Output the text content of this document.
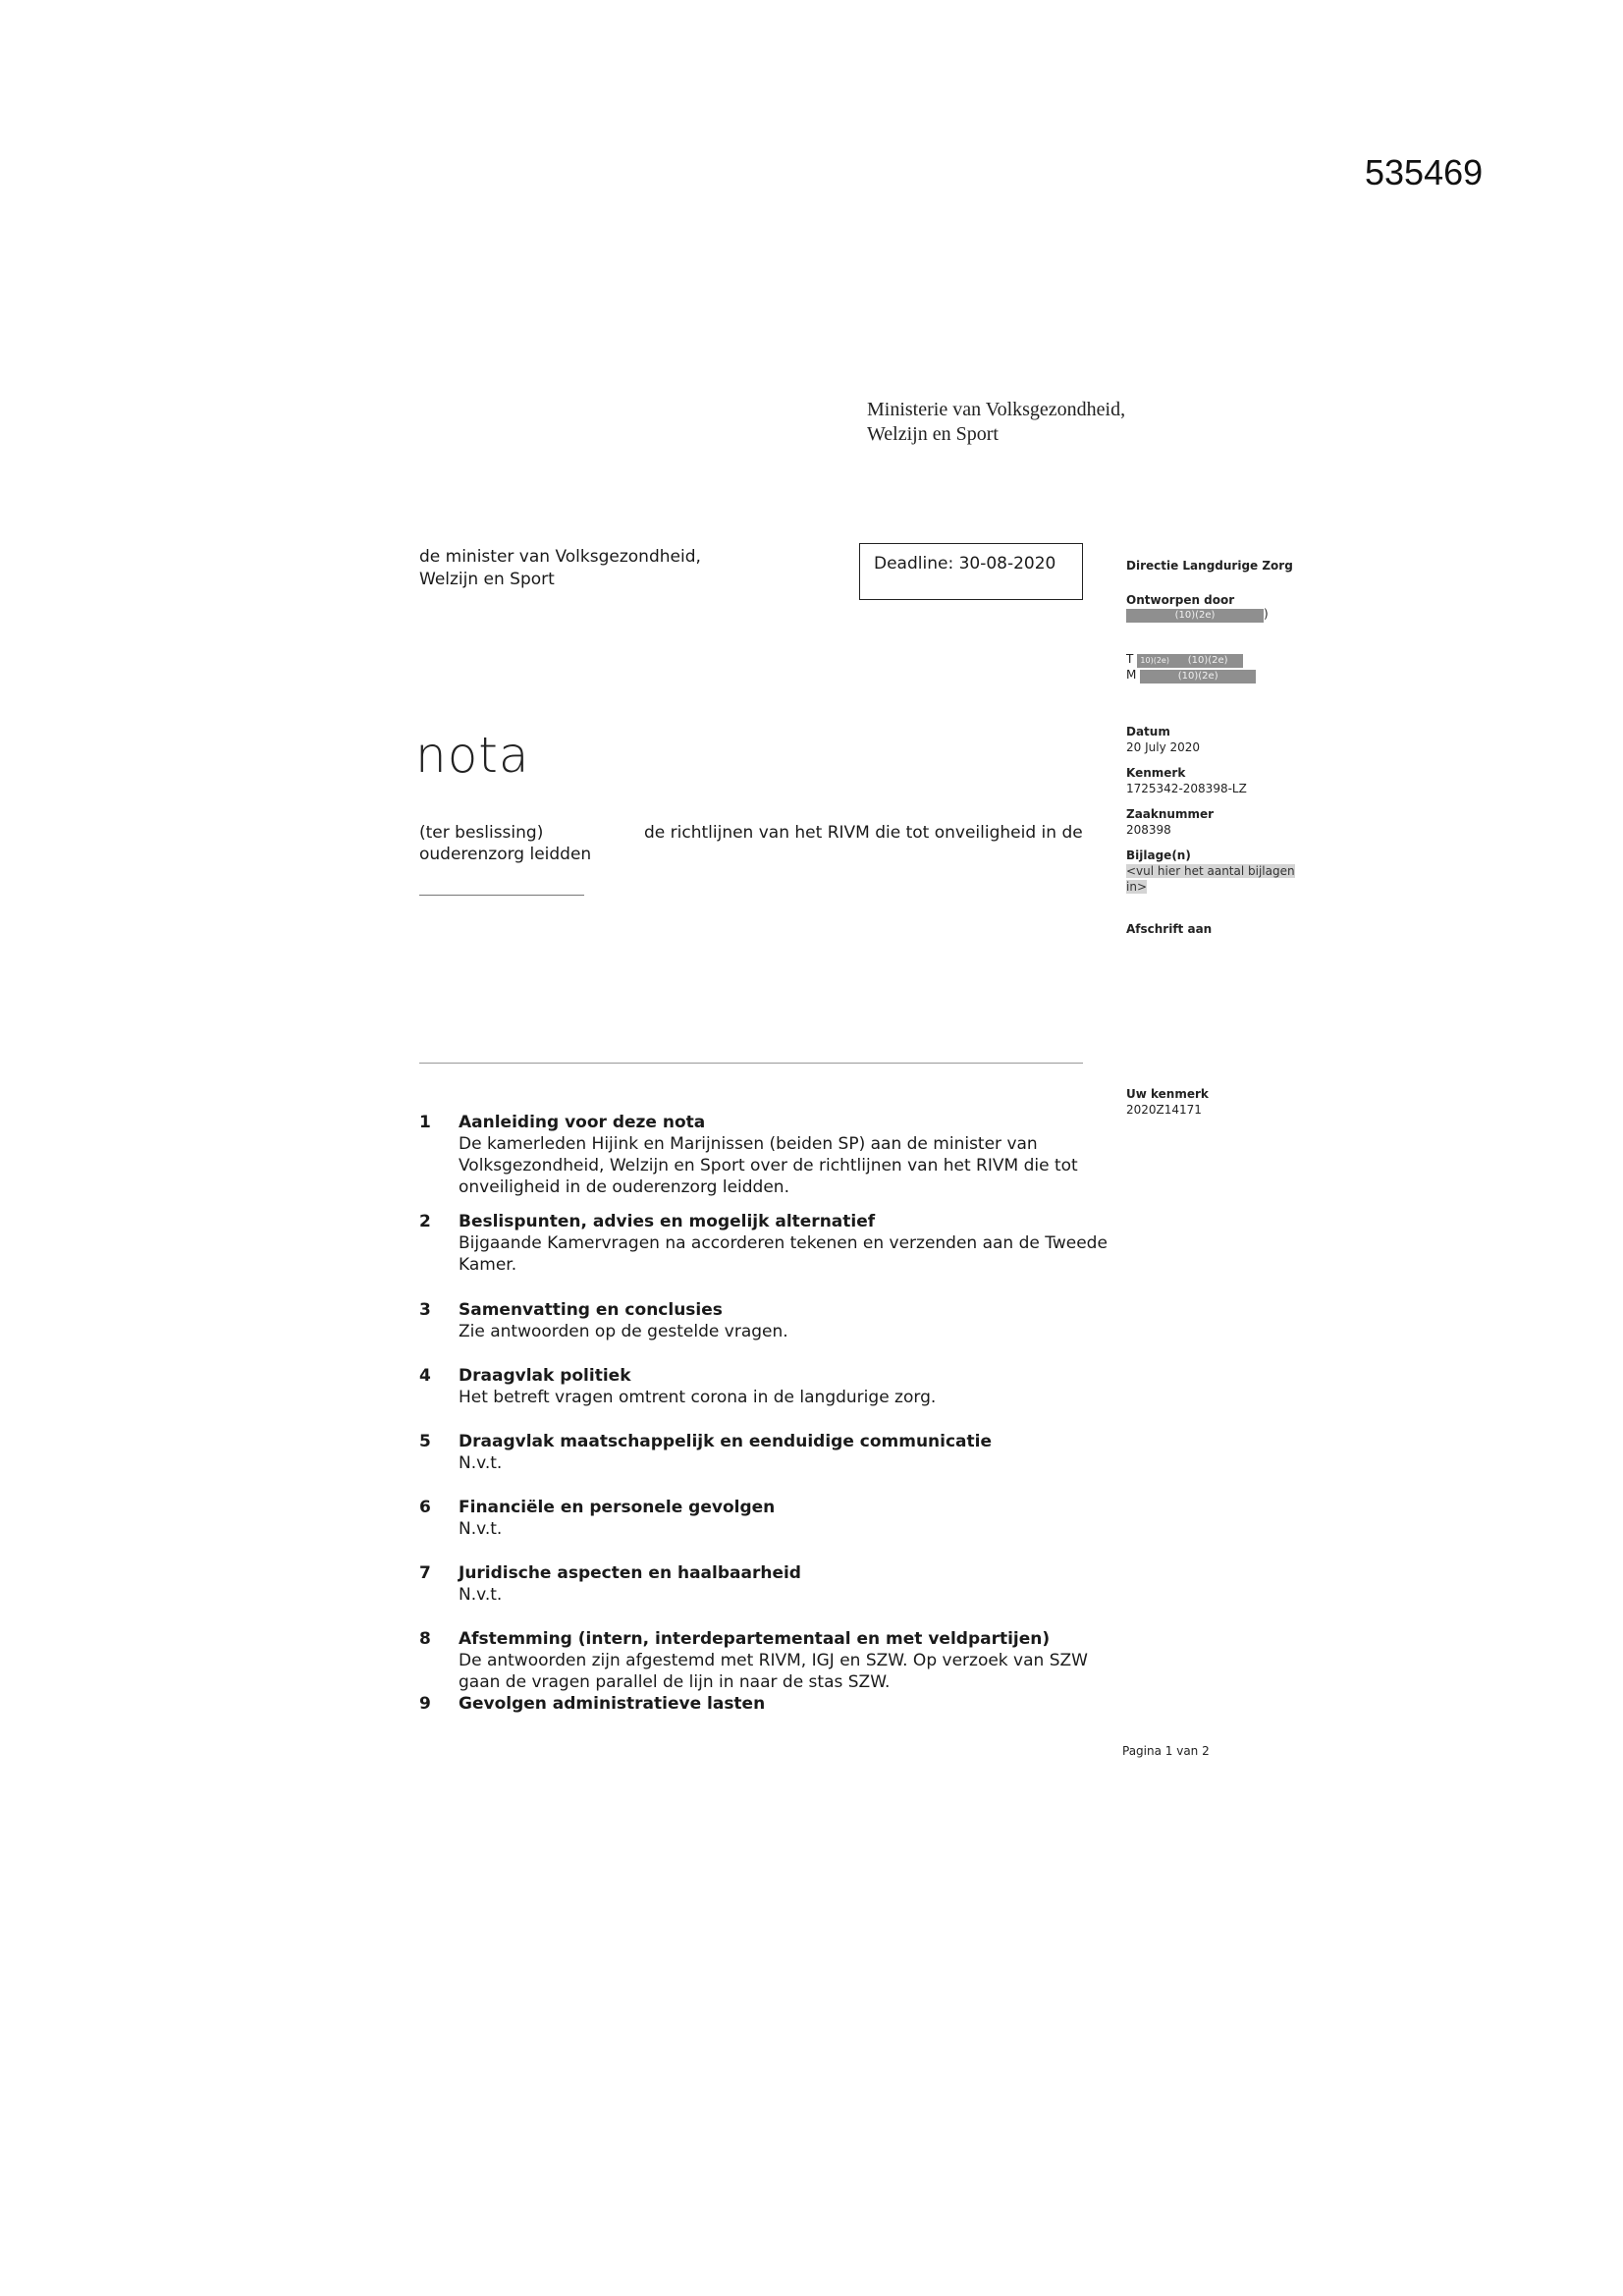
535469
Ministerie van Volksgezondheid,
Welzijn en Sport
de minister van Volksgezondheid,
Welzijn en Sport
Deadline: 30-08-2020
nota
(ter beslissing)	de richtlijnen van het RIVM die tot onveiligheid in de
ouderenzorg leidden
Directie Langdurige Zorg
Ontworpen door
(10)(2e)	)
T 10)(2e) (10)(2e)
M	(10)(2e)
Datum
20 July 2020
Kenmerk
1725342-208398-LZ
Zaaknummer
208398
Bijlage(n)
<vul hier het aantal bijlagen
in>
Afschrift aan
Uw kenmerk
2020Z14171
1	Aanleiding voor deze nota
De kamerleden Hijink en Marijnissen (beiden SP) aan de minister van
Volksgezondheid, Welzijn en Sport over de richtlijnen van het RIVM die tot
onveiligheid in de ouderenzorg leidden.
2	Beslispunten, advies en mogelijk alternatief
Bijgaande Kamervragen na accorderen tekenen en verzenden aan de Tweede
Kamer.
3	Samenvatting en conclusies
Zie antwoorden op de gestelde vragen.
4	Draagvlak politiek
Het betreft vragen omtrent corona in de langdurige zorg.
5	Draagvlak maatschappelijk en eenduidige communicatie
N.v.t.
6	Financiële en personele gevolgen
N.v.t.
7	Juridische aspecten en haalbaarheid
N.v.t.
8	Afstemming (intern, interdepartementaal en met veldpartijen)
De antwoorden zijn afgestemd met RIVM, IGJ en SZW. Op verzoek van SZW
gaan de vragen parallel de lijn in naar de stas SZW.
9	Gevolgen administratieve lasten
Pagina 1 van 2
